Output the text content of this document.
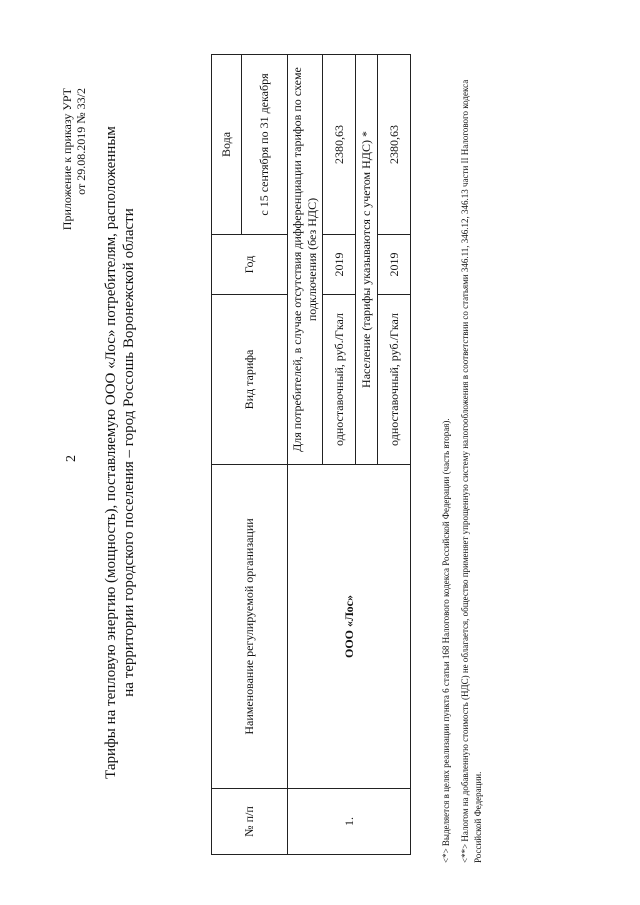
2
Приложение к приказу УРТ от 29.08.2019 № 33/2 Тарифы на тепловую энергию (мощность), поставляемую ООО «Лос» потребителям, расположенным на территории городского поселения – город Россошь Воронежской области
№ п/п	Наименование регулируемой организации	Вид тарифа	Год	Вода
				с 15 сентября по 31 декабря
1.	ООО «Лос»	Для потребителей, в случае отсутствия дифференциации тарифов по схеме подключения (без НДС)		
		одноставочный, руб./Гкал	2019	2380,63
		Население (тарифы указываются с учетом НДС) *		
		одноставочный, руб./Гкал	2019	2380,63

<*> Выделяется в целях реализации пункта 6 статьи 168 Налогового кодекса Российской Федерации (часть вторая). <**> Налогом на добавленную стоимость (НДС) не облагается, общество применяет упрощенную систему налогообложения в соответствии со статьями 346.11, 346.12, 346.13 части II Налогового кодекса Российской Федерации.
